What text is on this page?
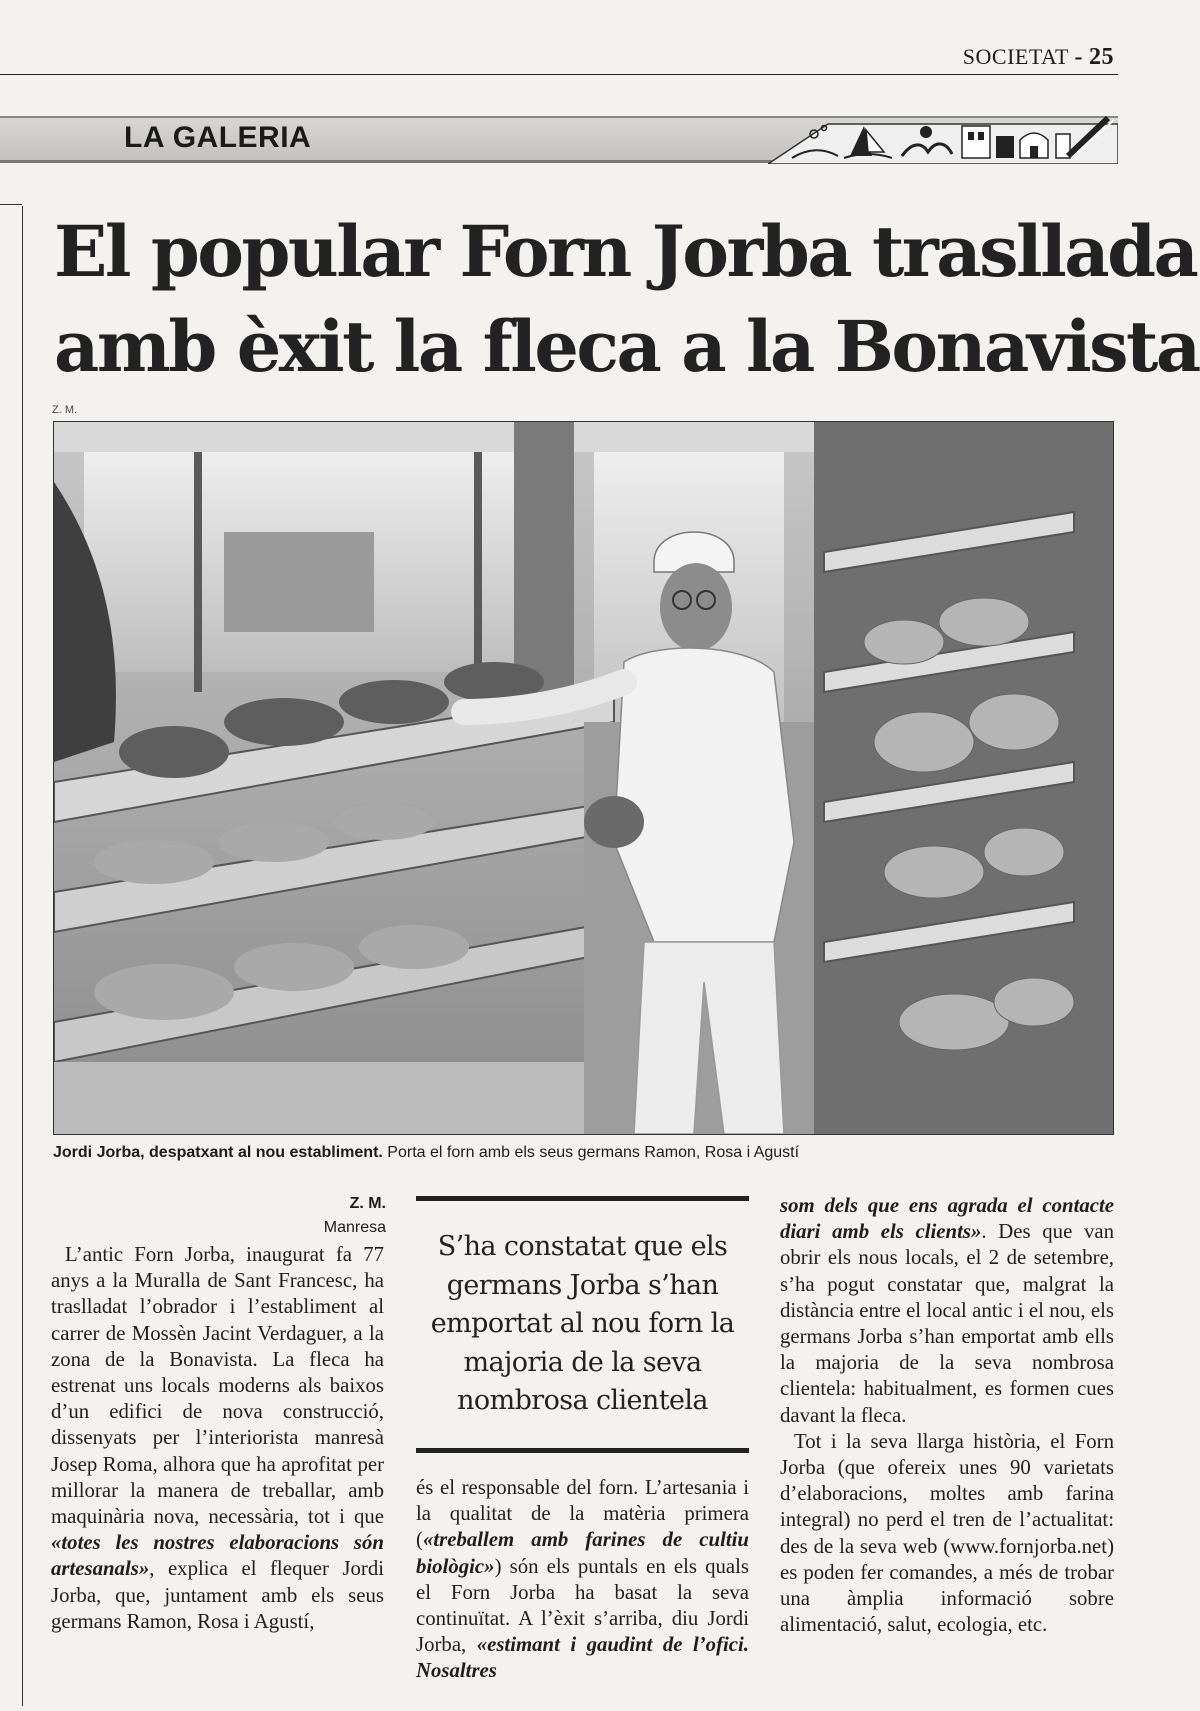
SOCIETAT - 25
LA GALERIA
El popular Forn Jorba trasllada
amb èxit la fleca a la Bonavista
Z. M.
Jordi Jorba, despatxant al nou establiment. Porta el forn amb els seus germans Ramon, Rosa i Agustí
Z. M.
Manresa

L’antic Forn Jorba, inaugurat fa 77 anys a la Muralla de Sant Francesc, ha traslladat l’obrador i l’establiment al carrer de Mossèn Jacint Verdaguer, a la zona de la Bonavista. La fleca ha estrenat uns locals moderns als baixos d’un edifici de nova construcció, dissenyats per l’interiorista manresà Josep Roma, alhora que ha aprofitat per millorar la manera de treballar, amb maquinària nova, necessària, tot i que «totes les nostres elaboracions són artesanals», explica el flequer Jordi Jorba, que, juntament amb els seus germans Ramon, Rosa i Agustí,

S’ha constatat que els germans Jorba s’han emportat al nou forn la majoria de la seva nombrosa clientela

és el responsable del forn. L’artesania i la qualitat de la matèria primera («treballem amb farines de cultiu biològic») són els puntals en els quals el Forn Jorba ha basat la seva continuïtat. A l’èxit s’arriba, diu Jordi Jorba, «estimant i gaudint de l’ofici. Nosaltres

som dels que ens agrada el contacte diari amb els clients». Des que van obrir els nous locals, el 2 de setembre, s’ha pogut constatar que, malgrat la distància entre el local antic i el nou, els germans Jorba s’han emportat amb ells la majoria de la seva nombrosa clientela: habitualment, es formen cues davant la fleca.

Tot i la seva llarga història, el Forn Jorba (que ofereix unes 90 varietats d’elaboracions, moltes amb farina integral) no perd el tren de l’actualitat: des de la seva web (www.fornjorba.net) es poden fer comandes, a més de trobar una àmplia informació sobre alimentació, salut, ecologia, etc.
